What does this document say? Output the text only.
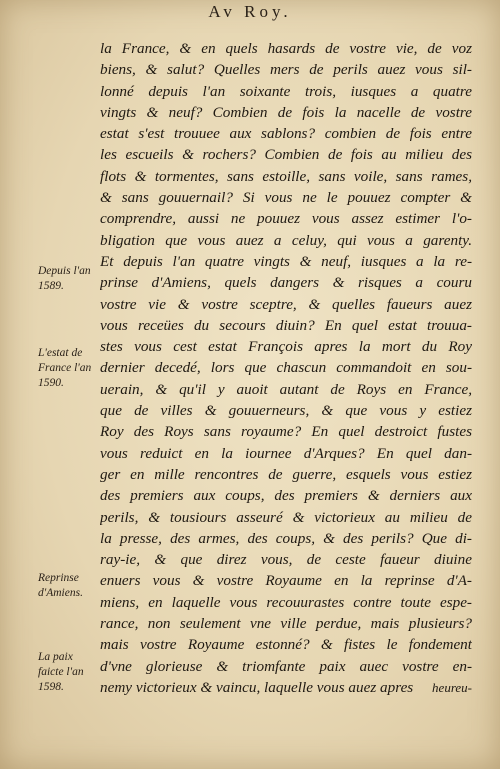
Av Roy.
la France, & en quels hasards de vostre vie, de voz
biens, & salut? Quelles mers de perils auez vous sil-
lonné depuis l'an soixante trois, iusques a quatre
vingts & neuf? Combien de fois la nacelle de vostre
estat s'est trouuee aux sablons? combien de fois entre
les escueils & rochers? Combien de fois au milieu des
flots & tormentes, sans estoille, sans voile, sans rames,
& sans gouuernail? Si vous ne le pouuez compter &
comprendre, aussi ne pouuez vous assez estimer l'o-
bligation que vous auez a celuy, qui vous a garenty.
Et depuis l'an quatre vingts & neuf, iusques a la re-
prinse d'Amiens, quels dangers & risques a couru
vostre vie & vostre sceptre, & quelles faueurs auez
vous receües du secours diuin? En quel estat trouua-
stes vous cest estat François apres la mort du Roy
dernier decedé, lors que chascun commandoit en sou-
uerain, & qu'il y auoit autant de Roys en France,
que de villes & gouuerneurs, & que vous y estiez
Roy des Roys sans royaume? En quel destroict fustes
vous reduict en la iournee d'Arques? En quel dan-
ger en mille rencontres de guerre, esquels vous estiez
des premiers aux coups, des premiers & derniers aux
perils, & tousiours asseuré & victorieux au milieu de
la presse, des armes, des coups, & des perils? Que di-
ray-ie, & que direz vous, de ceste faueur diuine
enuers vous & vostre Royaume en la reprinse d'A-
miens, en laquelle vous recouurastes contre toute espe-
rance, non seulement vne ville perdue, mais plusieurs?
mais vostre Royaume estonné? & fistes le fondement
d'vne glorieuse & triomfante paix auec vostre en-
nemy victorieux & vaincu, laquelle vous auez apres
Depuis l'an
1589.
L'estat de
France l'an
1590.
Reprinse
d'Amiens.
La paix
faicte l'an
1598.	heureu-
